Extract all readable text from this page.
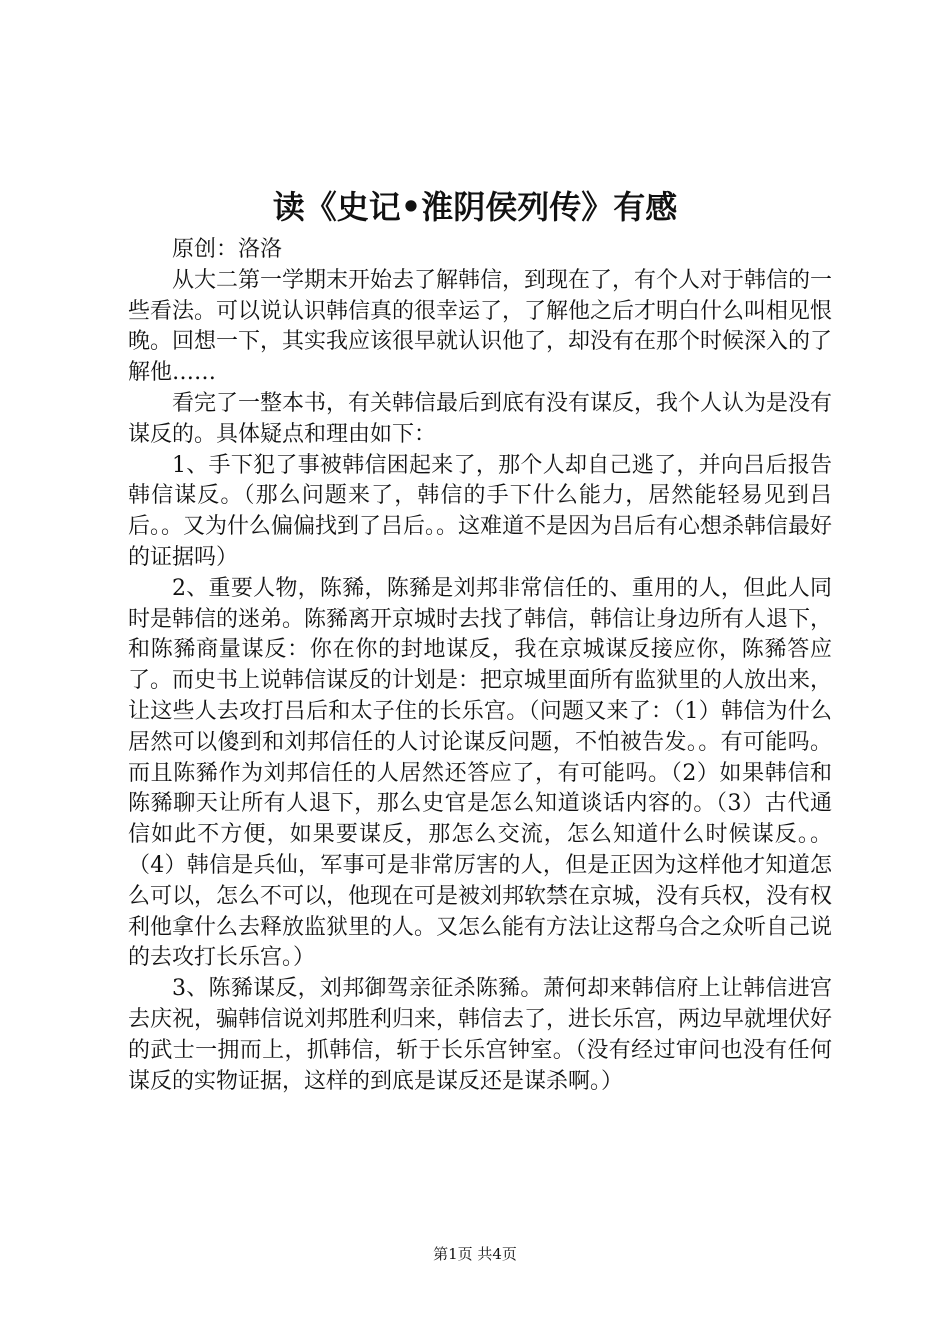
读《史记•淮阴侯列传》有感

原创：洛洛

从大二第一学期末开始去了解韩信，到现在了，有个人对于韩信的一些看法。可以说认识韩信真的很幸运了，了解他之后才明白什么叫相见恨晚。回想一下，其实我应该很早就认识他了，却没有在那个时候深入的了解他……

看完了一整本书，有关韩信最后到底有没有谋反，我个人认为是没有谋反的。具体疑点和理由如下：

1、手下犯了事被韩信困起来了，那个人却自己逃了，并向吕后报告韩信谋反。（那么问题来了，韩信的手下什么能力，居然能轻易见到吕后。。又为什么偏偏找到了吕后。。这难道不是因为吕后有心想杀韩信最好的证据吗）

2、重要人物，陈豨，陈豨是刘邦非常信任的、重用的人，但此人同时是韩信的迷弟。陈豨离开京城时去找了韩信，韩信让身边所有人退下，和陈豨商量谋反：你在你的封地谋反，我在京城谋反接应你，陈豨答应了。而史书上说韩信谋反的计划是：把京城里面所有监狱里的人放出来，让这些人去攻打吕后和太子住的长乐宫。（问题又来了：（1）韩信为什么居然可以傻到和刘邦信任的人讨论谋反问题，不怕被告发。。有可能吗。而且陈豨作为刘邦信任的人居然还答应了，有可能吗。（2）如果韩信和陈豨聊天让所有人退下，那么史官是怎么知道谈话内容的。（3）古代通信如此不方便，如果要谋反，那怎么交流，怎么知道什么时候谋反。。（4）韩信是兵仙，军事可是非常厉害的人，但是正因为这样他才知道怎么可以，怎么不可以，他现在可是被刘邦软禁在京城，没有兵权，没有权利他拿什么去释放监狱里的人。又怎么能有方法让这帮乌合之众听自己说的去攻打长乐宫。）

3、陈豨谋反，刘邦御驾亲征杀陈豨。萧何却来韩信府上让韩信进宫去庆祝，骗韩信说刘邦胜利归来，韩信去了，进长乐宫，两边早就埋伏好的武士一拥而上，抓韩信，斩于长乐宫钟室。（没有经过审问也没有任何谋反的实物证据，这样的到底是谋反还是谋杀啊。）

第1页 共4页
